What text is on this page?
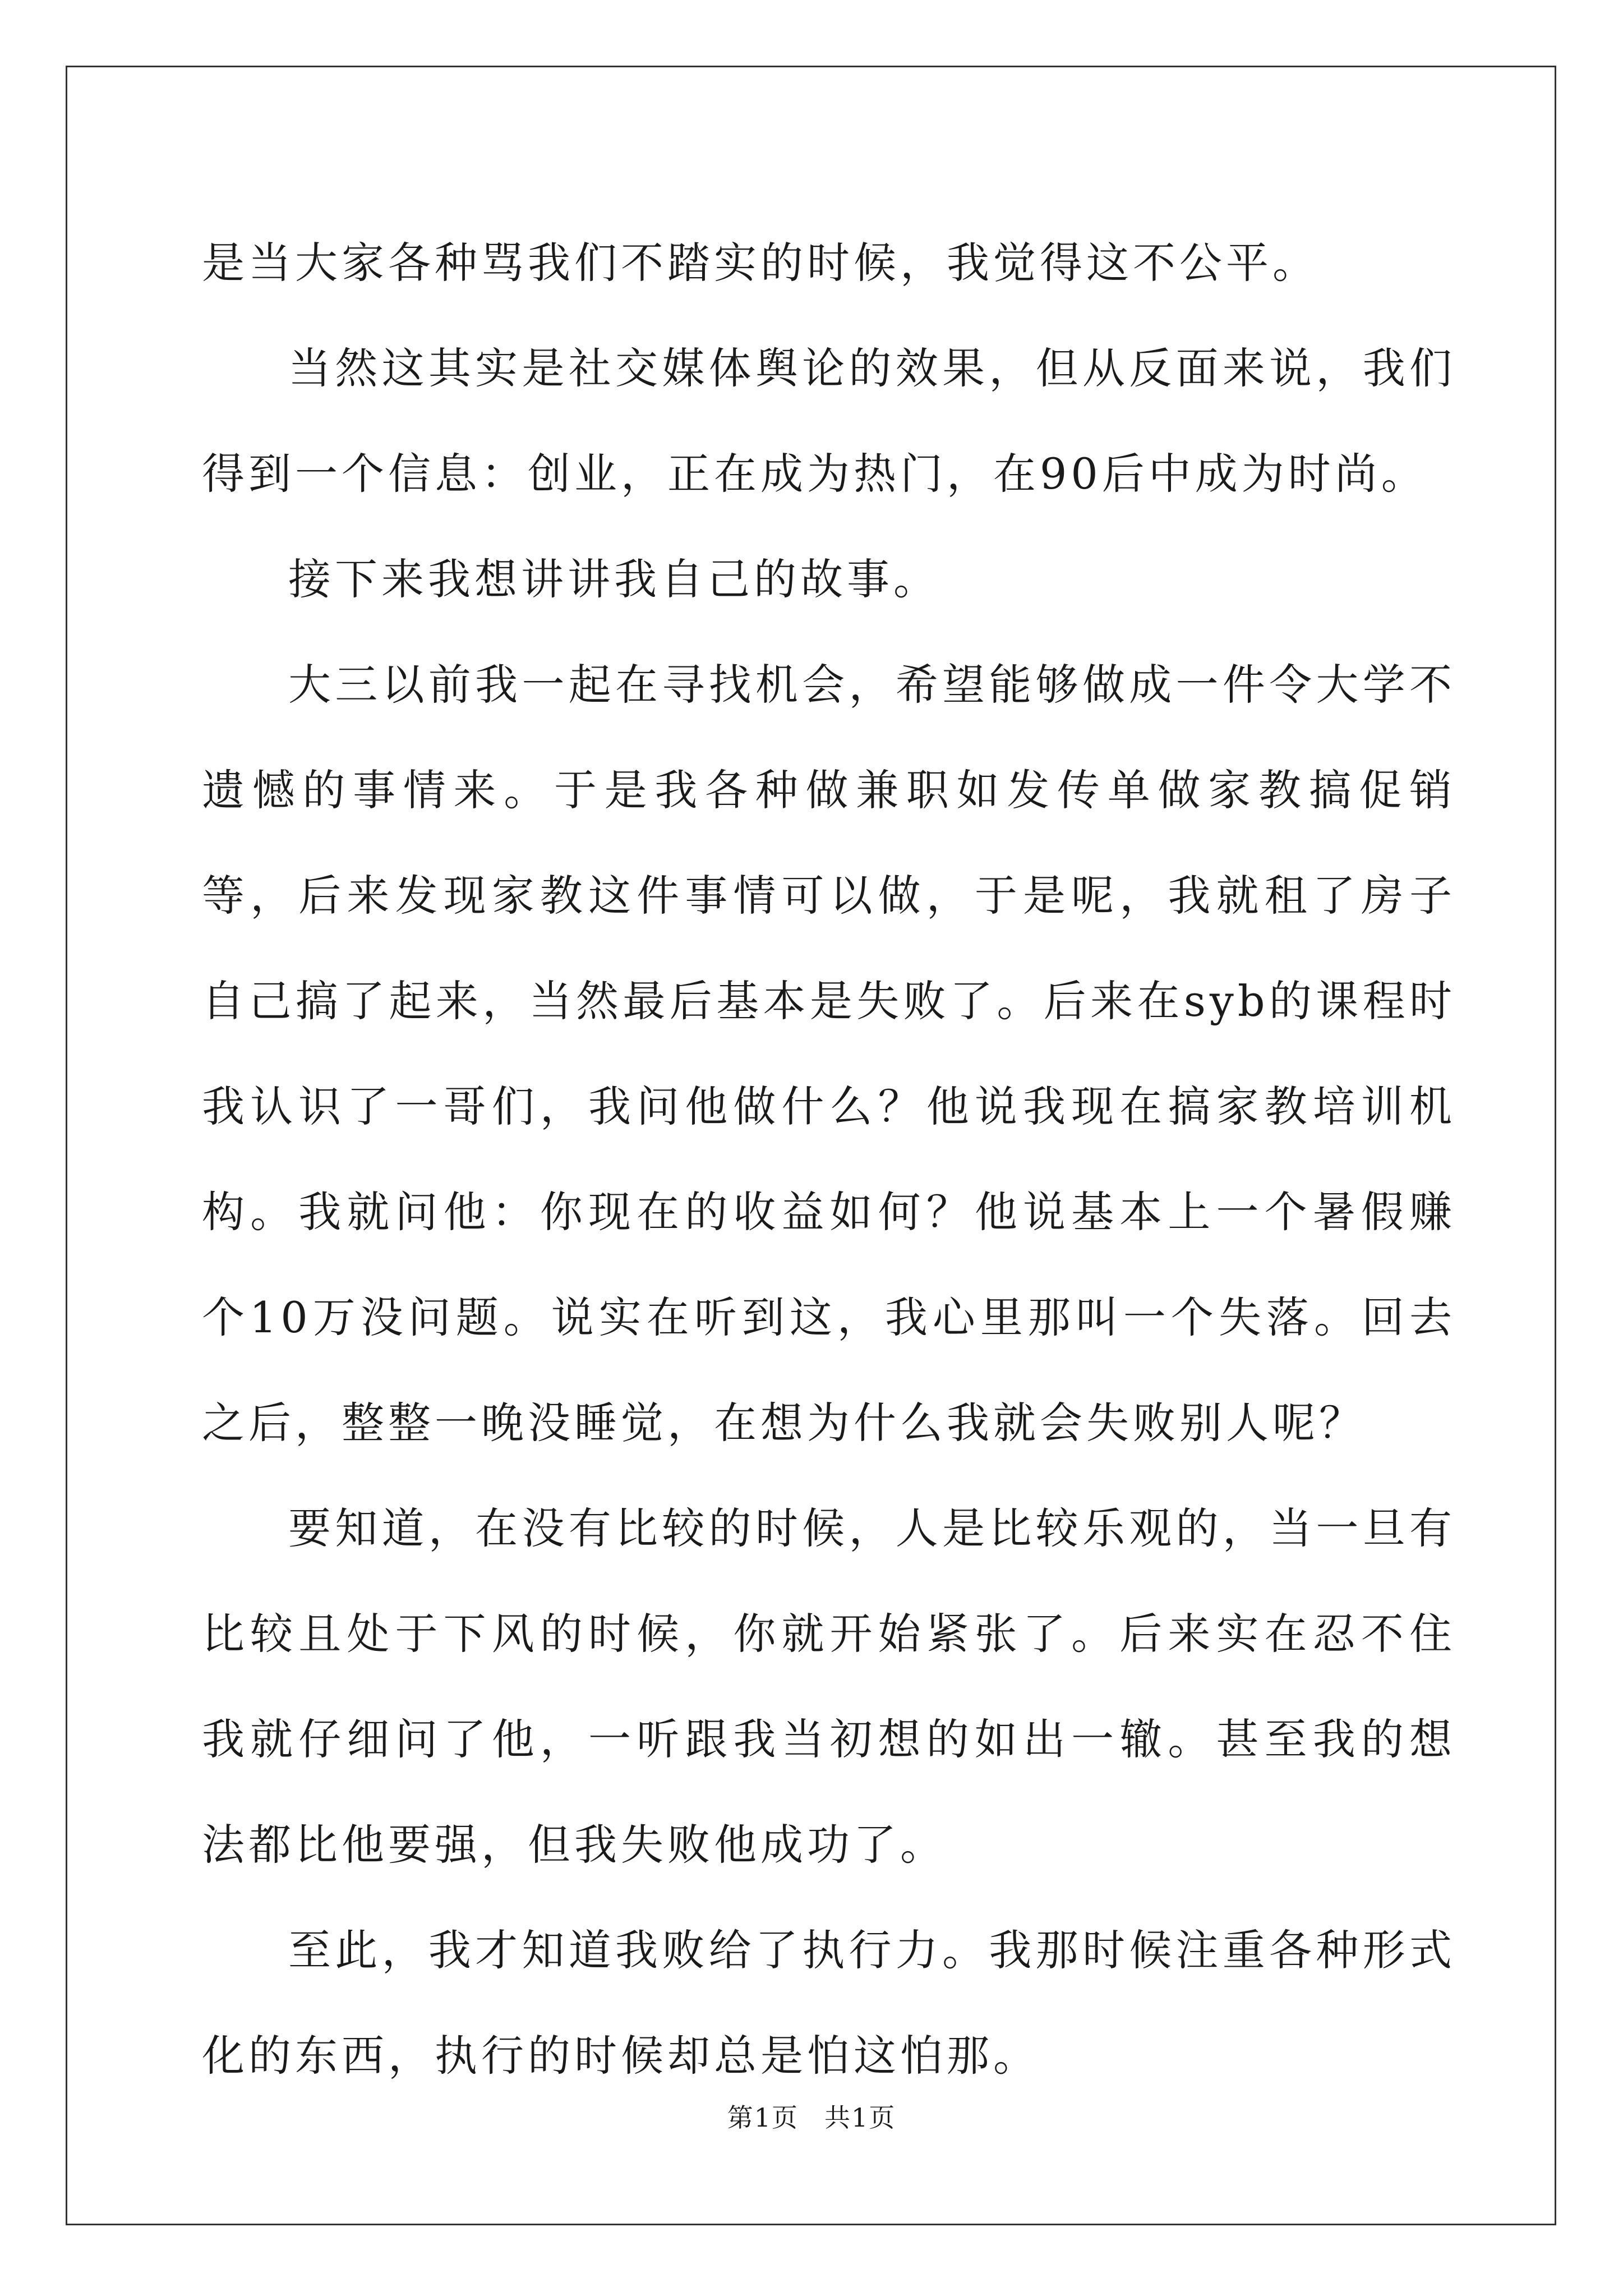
是当大家各种骂我们不踏实的时候，我觉得这不公平。

当然这其实是社交媒体舆论的效果，但从反面来说，我们得到一个信息：创业，正在成为热门，在90后中成为时尚。

接下来我想讲讲我自己的故事。

大三以前我一起在寻找机会，希望能够做成一件令大学不遗憾的事情来。于是我各种做兼职如发传单做家教搞促销等，后来发现家教这件事情可以做，于是呢，我就租了房子自己搞了起来，当然最后基本是失败了。后来在syb的课程时我认识了一哥们，我问他做什么？他说我现在搞家教培训机构。我就问他：你现在的收益如何？他说基本上一个暑假赚个10万没问题。说实在听到这，我心里那叫一个失落。回去之后，整整一晚没睡觉，在想为什么我就会失败别人呢？

要知道，在没有比较的时候，人是比较乐观的，当一旦有比较且处于下风的时候，你就开始紧张了。后来实在忍不住我就仔细问了他，一听跟我当初想的如出一辙。甚至我的想法都比他要强，但我失败他成功了。

至此，我才知道我败给了执行力。我那时候注重各种形式化的东西，执行的时候却总是怕这怕那。

第1页 共1页
